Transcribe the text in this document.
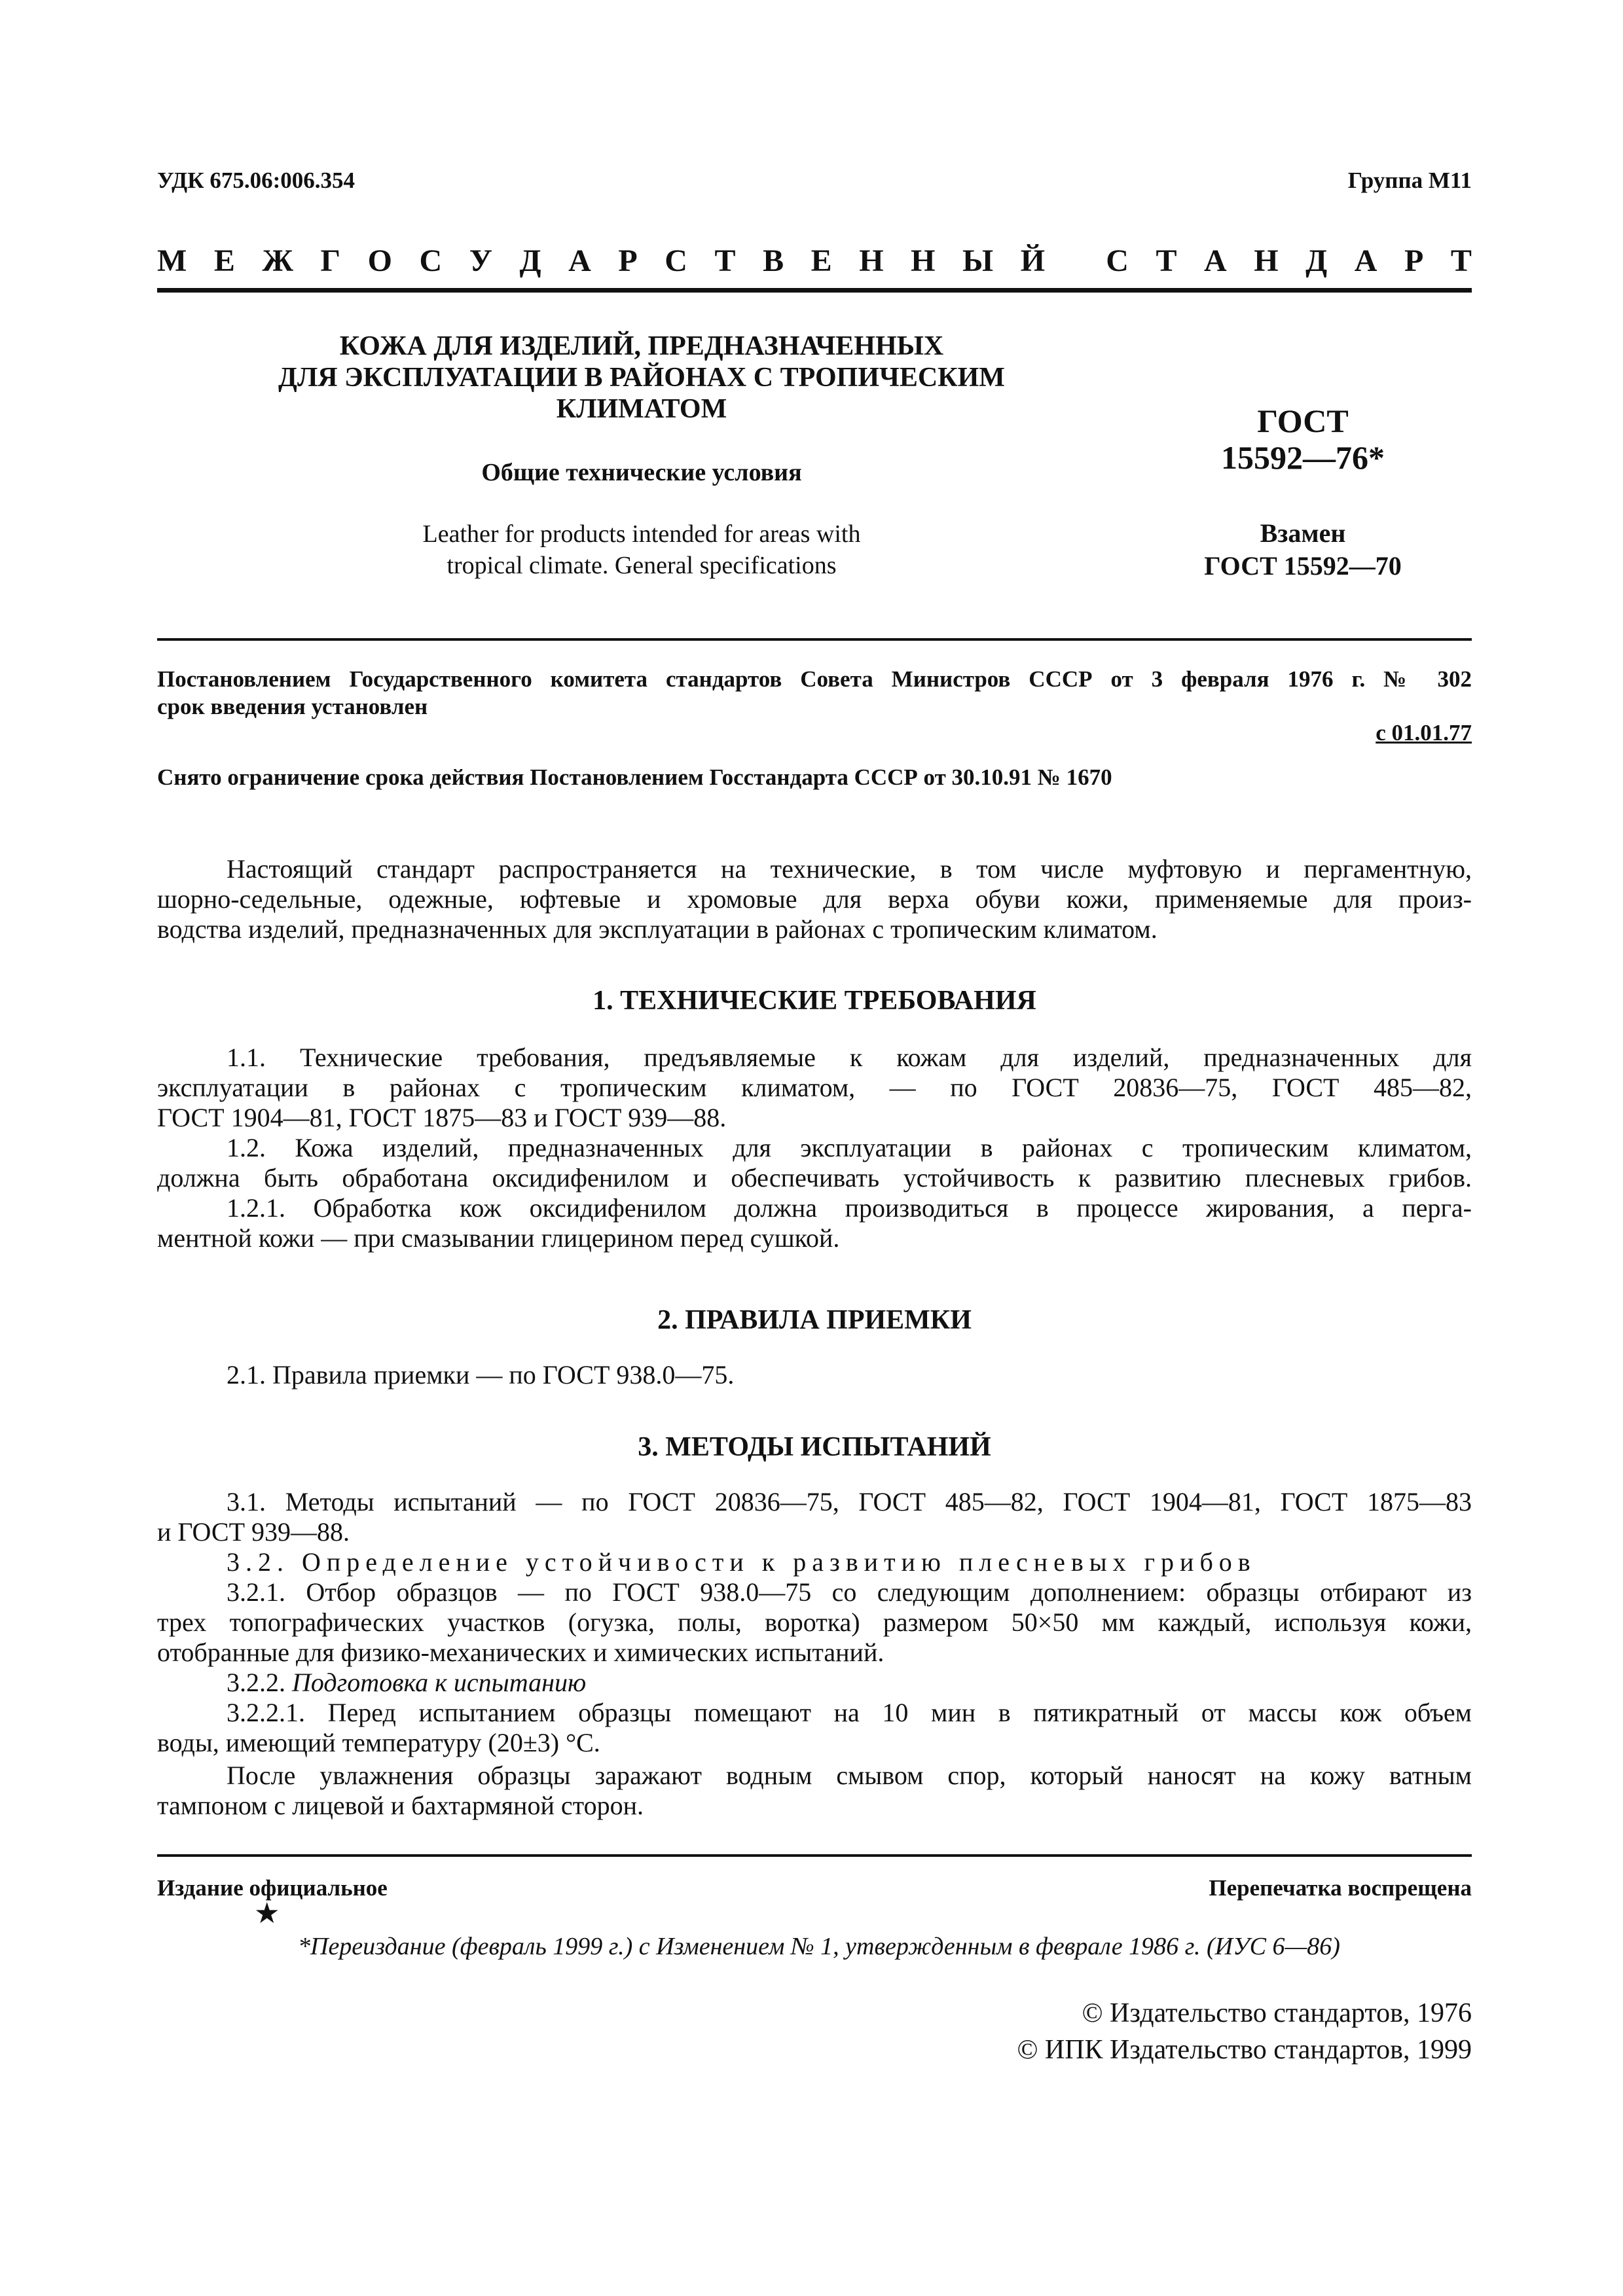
УДК 675.06:006.354	Группа М11
М Е Ж Г О С У Д А Р С Т В Е Н Н Ы Й С Т А Н Д А Р Т
КОЖА ДЛЯ ИЗДЕЛИЙ, ПРЕДНАЗНАЧЕННЫХ
ДЛЯ ЭКСПЛУАТАЦИИ В РАЙОНАХ С ТРОПИЧЕСКИМ
КЛИМАТОМ
Общие технические условия
Leather for products intended for areas with
tropical climate. General specifications
ГОСТ
15592—76*
Взамен
ГОСТ 15592—70
Постановлением Государственного комитета стандартов Совета Министров СССР от 3 февраля 1976 г. № 302
срок введения установлен
с 01.01.77
Снято ограничение срока действия Постановлением Госстандарта СССР от 30.10.91 № 1670
Настоящий стандарт распространяется на технические, в том числе муфтовую и пергаментную,
шорно-седельные, одежные, юфтевые и хромовые для верха обуви кожи, применяемые для произ-
водства изделий, предназначенных для эксплуатации в районах с тропическим климатом.
1. ТЕХНИЧЕСКИЕ ТРЕБОВАНИЯ
1.1. Технические требования, предъявляемые к кожам для изделий, предназначенных для
эксплуатации в районах с тропическим климатом, — по ГОСТ 20836—75, ГОСТ 485—82,
ГОСТ 1904—81, ГОСТ 1875—83 и ГОСТ 939—88.
1.2. Кожа изделий, предназначенных для эксплуатации в районах с тропическим климатом,
должна быть обработана оксидифенилом и обеспечивать устойчивость к развитию плесневых грибов.
1.2.1. Обработка кож оксидифенилом должна производиться в процессе жирования, а перга-
ментной кожи — при смазывании глицерином перед сушкой.
2. ПРАВИЛА ПРИЕМКИ
2.1. Правила приемки — по ГОСТ 938.0—75.
3. МЕТОДЫ ИСПЫТАНИЙ
3.1. Методы испытаний — по ГОСТ 20836—75, ГОСТ 485—82, ГОСТ 1904—81, ГОСТ 1875—83
и ГОСТ 939—88.
3.2. Определение устойчивости к развитию плесневых грибов
3.2.1. Отбор образцов — по ГОСТ 938.0—75 со следующим дополнением: образцы отбирают из
трех топографических участков (огузка, полы, воротка) размером 50×50 мм каждый, используя кожи,
отобранные для физико-механических и химических испытаний.
3.2.2. Подготовка к испытанию
3.2.2.1. Перед испытанием образцы помещают на 10 мин в пятикратный от массы кож объем
воды, имеющий температуру (20±3) °С.
После увлажнения образцы заражают водным смывом спор, который наносят на кожу ватным
тампоном с лицевой и бахтармяной сторон.
Издание официальное	Перепечатка воспрещена
★
*Переиздание (февраль 1999 г.) с Изменением № 1, утвержденным в феврале 1986 г. (ИУС 6—86)
© Издательство стандартов, 1976
© ИПК Издательство стандартов, 1999
